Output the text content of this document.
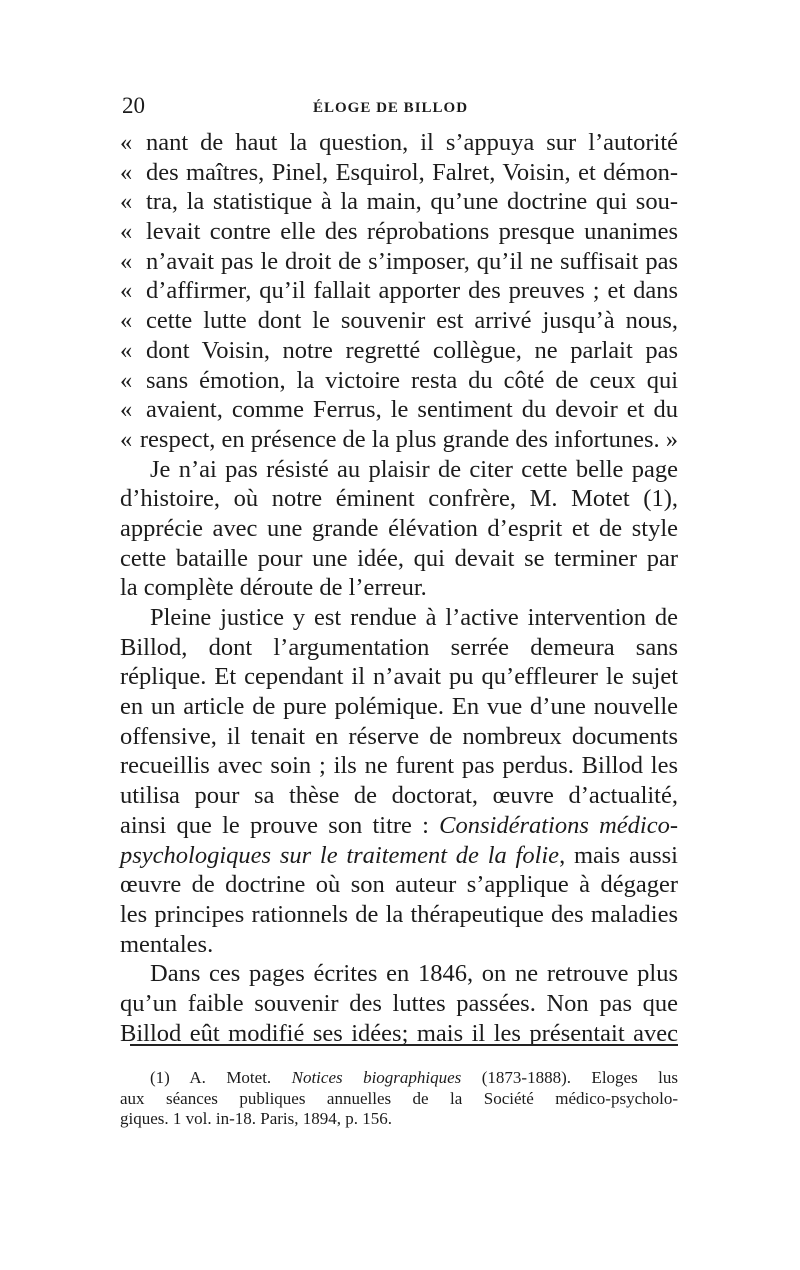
20	ÉLOGE DE BILLOD
« nant de haut la question, il s’appuya sur l’autorité
« des maîtres, Pinel, Esquirol, Falret, Voisin, et démon-
« tra, la statistique à la main, qu’une doctrine qui sou-
« levait contre elle des réprobations presque unanimes
« n’avait pas le droit de s’imposer, qu’il ne suffisait pas
« d’affirmer, qu’il fallait apporter des preuves ; et dans
« cette lutte dont le souvenir est arrivé jusqu’à nous,
« dont Voisin, notre regretté collègue, ne parlait pas
« sans émotion, la victoire resta du côté de ceux qui
« avaient, comme Ferrus, le sentiment du devoir et du
« respect, en présence de la plus grande des infortunes. »
Je n’ai pas résisté au plaisir de citer cette belle page
d’histoire, où notre éminent confrère, M. Motet (1),
apprécie avec une grande élévation d’esprit et de style
cette bataille pour une idée, qui devait se terminer par
la complète déroute de l’erreur.
Pleine justice y est rendue à l’active intervention de
Billod, dont l’argumentation serrée demeura sans
réplique. Et cependant il n’avait pu qu’effleurer le sujet
en un article de pure polémique. En vue d’une nouvelle
offensive, il tenait en réserve de nombreux documents
recueillis avec soin ; ils ne furent pas perdus. Billod les
utilisa pour sa thèse de doctorat, œuvre d’actualité,
ainsi que le prouve son titre : Considérations médico-
psychologiques sur le traitement de la folie, mais aussi
œuvre de doctrine où son auteur s’applique à dégager
les principes rationnels de la thérapeutique des maladies
mentales.
Dans ces pages écrites en 1846, on ne retrouve plus
qu’un faible souvenir des luttes passées. Non pas que
Billod eût modifié ses idées; mais il les présentait avec
(1) A. Motet. Notices biographiques (1873-1888). Eloges lus
aux séances publiques annuelles de la Société médico-psycholo-
giques. 1 vol. in-18. Paris, 1894, p. 156.
